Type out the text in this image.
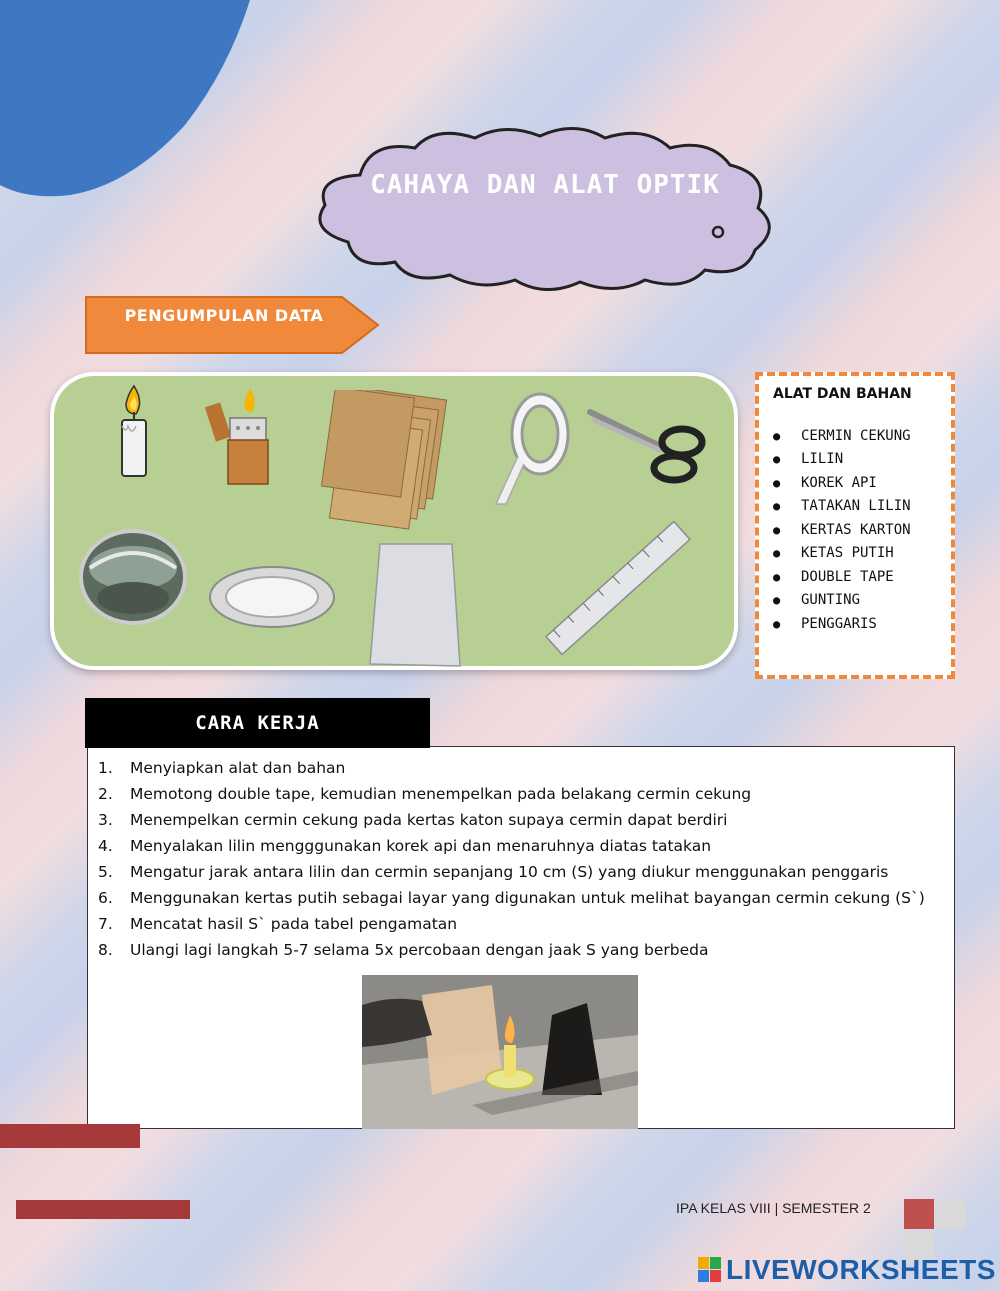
CAHAYA DAN ALAT OPTIK
PENGUMPULAN DATA
ALAT DAN BAHAN
●	CERMIN CEKUNG
●	LILIN
●	KOREK API
●	TATAKAN LILIN
●	KERTAS KARTON
●	KETAS PUTIH
●	DOUBLE TAPE
●	GUNTING
●	PENGGARIS
1.	Menyiapkan alat dan bahan
2.	Memotong double tape, kemudian menempelkan pada belakang cermin cekung
3.	Menempelkan cermin cekung pada kertas katon supaya cermin dapat berdiri
4.	Menyalakan lilin mengggunakan korek api dan menaruhnya diatas tatakan
5.	Mengatur jarak antara lilin dan cermin sepanjang 10 cm (S) yang diukur menggunakan penggaris
6.	Menggunakan kertas putih sebagai layar yang digunakan untuk melihat bayangan cermin cekung (S`)
7.	Mencatat hasil S` pada tabel pengamatan
8.	Ulangi lagi langkah 5-7 selama 5x percobaan dengan jaak S yang berbeda
CARA KERJA
IPA KELAS VIII | SEMESTER 2
LIVEWORKSHEETS
